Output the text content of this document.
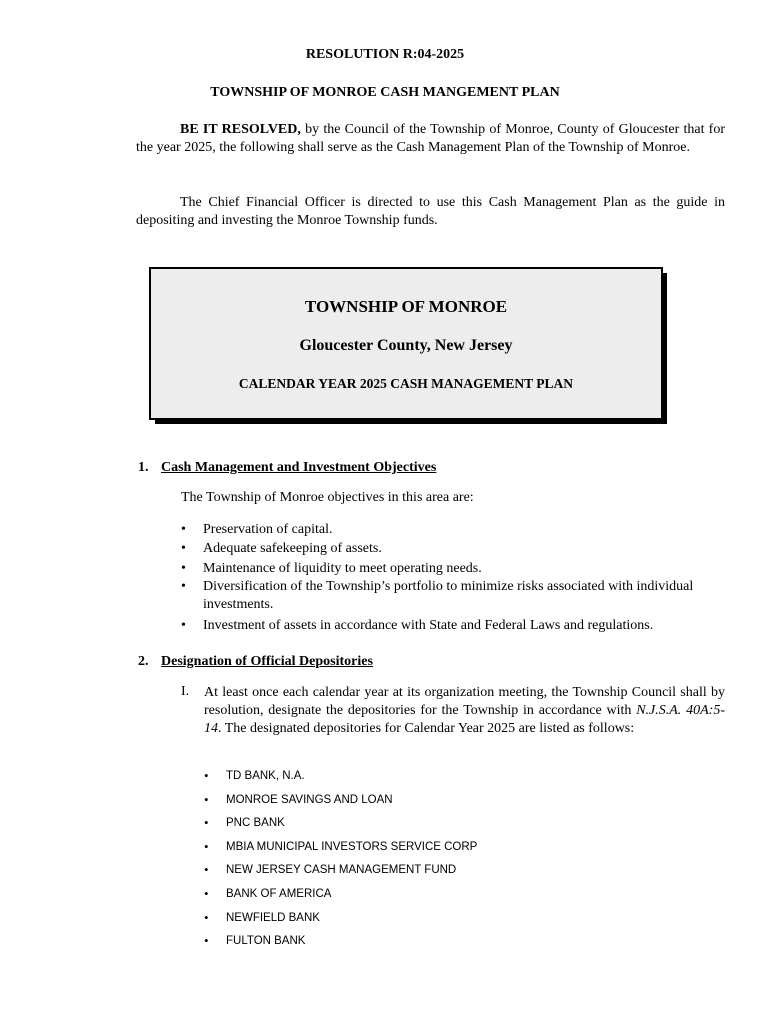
RESOLUTION R:04-2025
TOWNSHIP OF MONROE CASH MANGEMENT PLAN
BE IT RESOLVED, by the Council of the Township of Monroe, County of Gloucester that for the year 2025, the following shall serve as the Cash Management Plan of the Township of Monroe.
The Chief Financial Officer is directed to use this Cash Management Plan as the guide in depositing and investing the Monroe Township funds.
TOWNSHIP OF MONROE
Gloucester County, New Jersey
CALENDAR YEAR 2025 CASH MANAGEMENT PLAN
1. Cash Management and Investment Objectives
The Township of Monroe objectives in this area are:
• Preservation of capital.
• Adequate safekeeping of assets.
• Maintenance of liquidity to meet operating needs.
• Diversification of the Township’s portfolio to minimize risks associated with individual investments.
• Investment of assets in accordance with State and Federal Laws and regulations.
2. Designation of Official Depositories
I. At least once each calendar year at its organization meeting, the Township Council shall by resolution, designate the depositories for the Township in accordance with N.J.S.A. 40A:5-14. The designated depositories for Calendar Year 2025 are listed as follows:
• TD BANK, N.A.
• MONROE SAVINGS AND LOAN
• PNC BANK
• MBIA MUNICIPAL INVESTORS SERVICE CORP
• NEW JERSEY CASH MANAGEMENT FUND
• BANK OF AMERICA
• NEWFIELD BANK
• FULTON BANK
